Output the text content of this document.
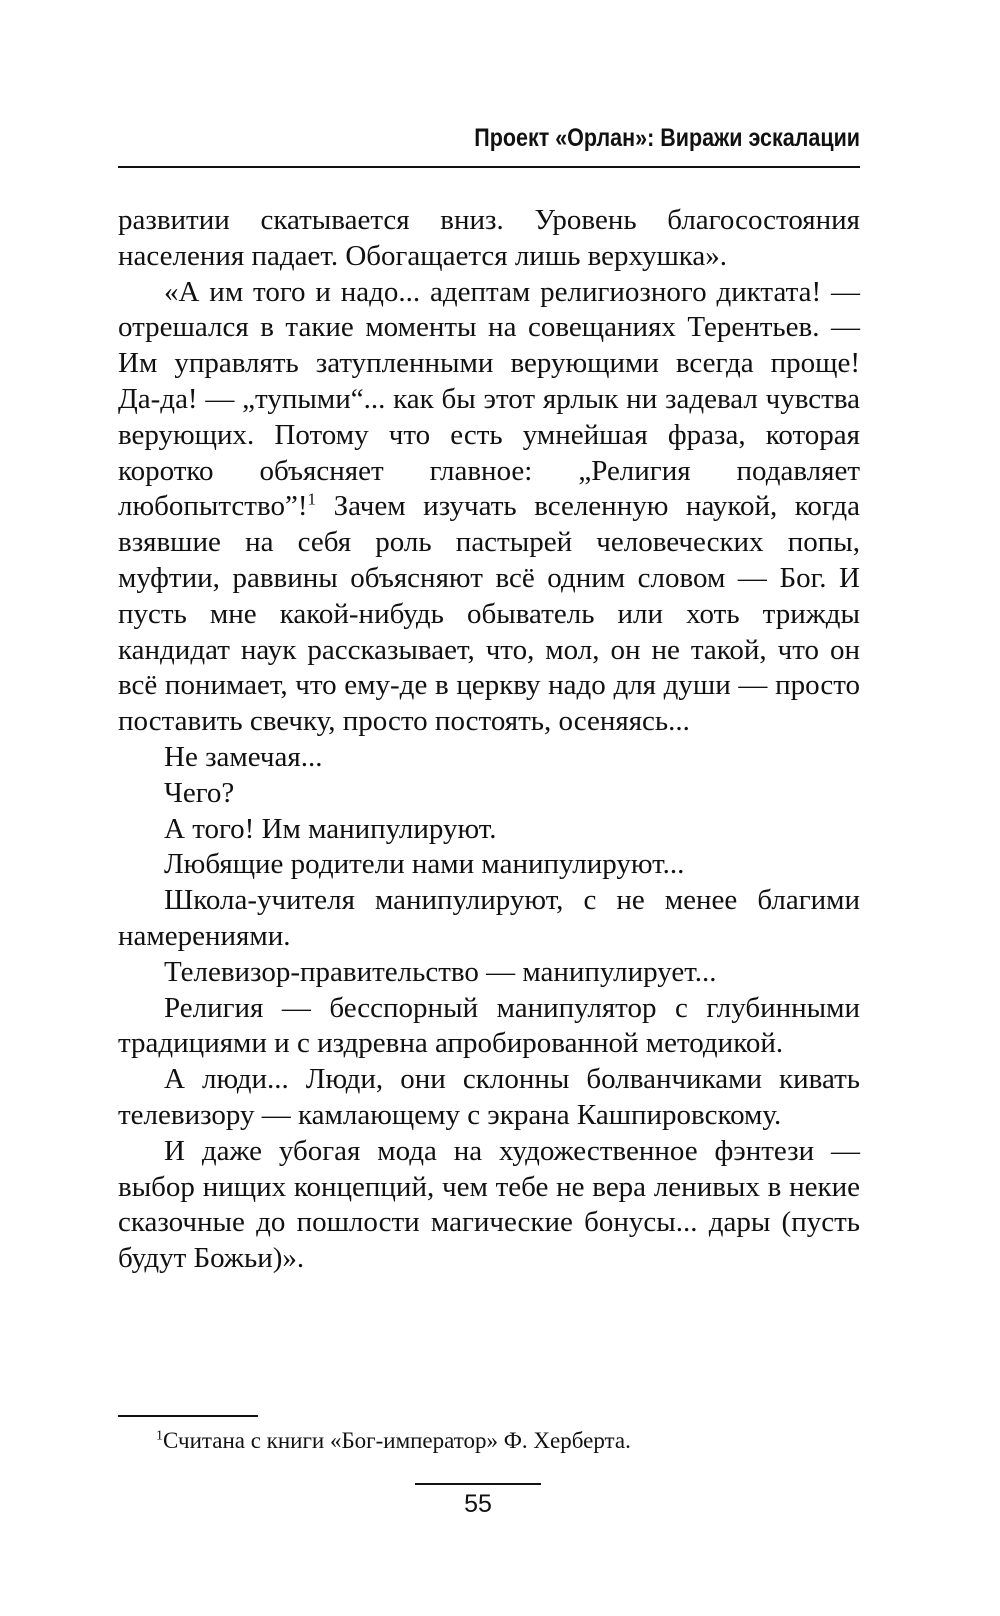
Проект «Орлан»: Виражи эскалации

развитии скатывается вниз. Уровень благосостояния населения падает. Обогащается лишь верхушка».

«А им того и надо... адептам религиозного диктата! — отрешался в такие моменты на совещаниях Терентьев. — Им управлять затупленными верующими всегда проще! Да-да! — „тупыми“... как бы этот ярлык ни задевал чувства верующих. Потому что есть умнейшая фраза, которая коротко объясняет главное: „Религия подавляет любопытство”!$^1$ Зачем изучать вселенную наукой, когда взявшие на себя роль пастырей человеческих попы, муфтии, раввины объясняют всё одним словом — Бог. И пусть мне какой-нибудь обыватель или хоть трижды кандидат наук рассказывает, что, мол, он не такой, что он всё понимает, что ему-де в церкву надо для души — просто поставить свечку, просто постоять, осеняясь...

Не замечая...

Чего?

А того! Им манипулируют.

Любящие родители нами манипулируют...

Школа-учителя манипулируют, с не менее благими намерениями.

Телевизор-правительство — манипулирует...

Религия — бесспорный манипулятор с глубинными традициями и с издревна апробированной методикой.

А люди... Люди, они склонны болванчиками кивать телевизору — камлающему с экрана Кашпировскому.

И даже убогая мода на художественное фэнтези — выбор нищих концепций, чем тебе не вера ленивых в некие сказочные до пошлости магические бонусы... дары (пусть будут Божьи)».

$^1$Считана с книги «Бог-император» Ф. Херберта.
55
